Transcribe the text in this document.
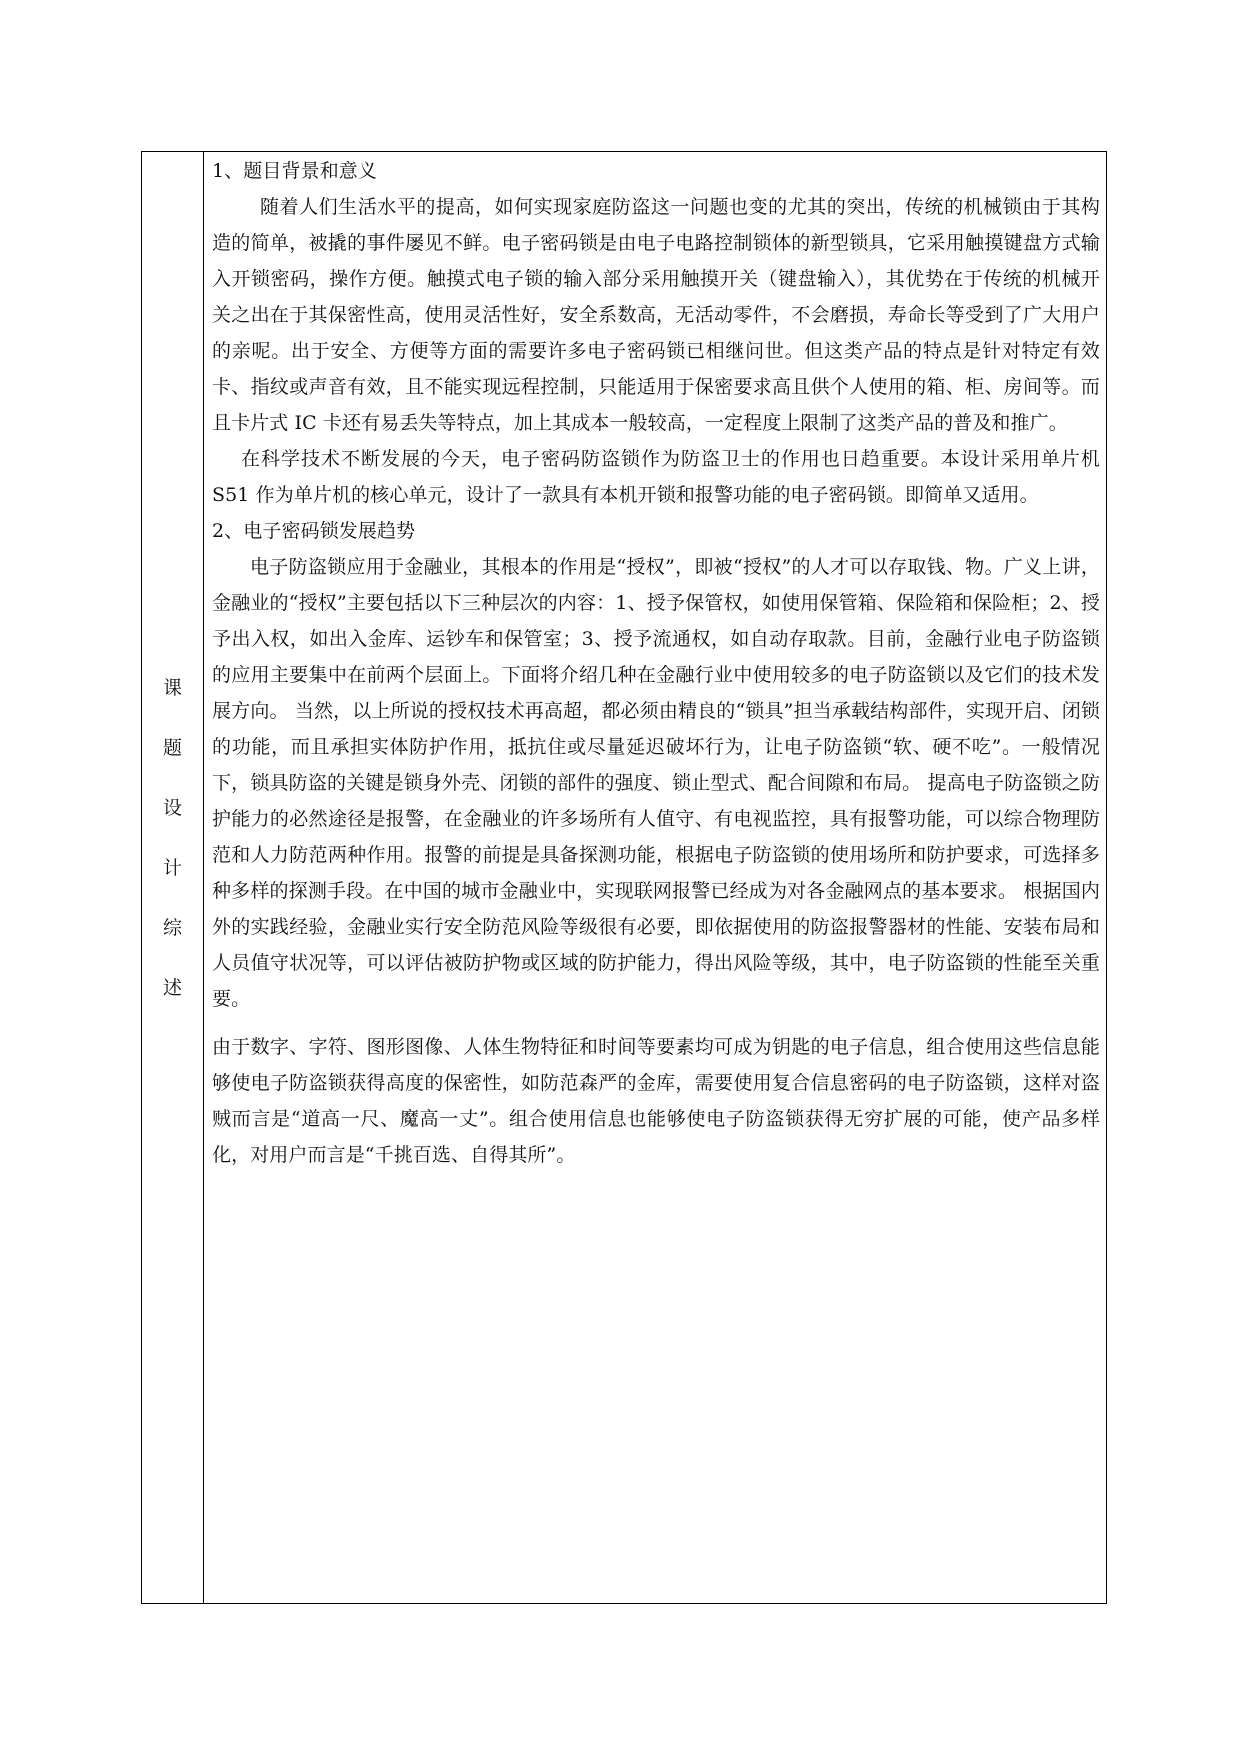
课
题
设
计
综
述

1、题目背景和意义

随着人们生活水平的提高，如何实现家庭防盗这一问题也变的尤其的突出，传统的机械锁由于其构造的简单，被撬的事件屡见不鲜。电子密码锁是由电子电路控制锁体的新型锁具，它采用触摸键盘方式输入开锁密码，操作方便。触摸式电子锁的输入部分采用触摸开关（键盘输入），其优势在于传统的机械开关之出在于其保密性高，使用灵活性好，安全系数高，无活动零件，不会磨损，寿命长等受到了广大用户的亲呢。出于安全、方便等方面的需要许多电子密码锁已相继问世。但这类产品的特点是针对特定有效卡、指纹或声音有效，且不能实现远程控制，只能适用于保密要求高且供个人使用的箱、柜、房间等。而且卡片式 IC 卡还有易丢失等特点，加上其成本一般较高，一定程度上限制了这类产品的普及和推广。

在科学技术不断发展的今天，电子密码防盗锁作为防盗卫士的作用也日趋重要。本设计采用单片机 S51 作为单片机的核心单元，设计了一款具有本机开锁和报警功能的电子密码锁。即简单又适用。

2、电子密码锁发展趋势

电子防盗锁应用于金融业，其根本的作用是“授权”，即被“授权”的人才可以存取钱、物。广义上讲，金融业的“授权”主要包括以下三种层次的内容：1、授予保管权，如使用保管箱、保险箱和保险柜；2、授予出入权，如出入金库、运钞车和保管室；3、授予流通权，如自动存取款。目前，金融行业电子防盗锁的应用主要集中在前两个层面上。下面将介绍几种在金融行业中使用较多的电子防盗锁以及它们的技术发展方向。 当然，以上所说的授权技术再高超，都必须由精良的“锁具”担当承载结构部件，实现开启、闭锁的功能，而且承担实体防护作用，抵抗住或尽量延迟破坏行为，让电子防盗锁“软、硬不吃”。一般情况下，锁具防盗的关键是锁身外壳、闭锁的部件的强度、锁止型式、配合间隙和布局。 提高电子防盗锁之防护能力的必然途径是报警，在金融业的许多场所有人值守、有电视监控，具有报警功能，可以综合物理防范和人力防范两种作用。报警的前提是具备探测功能，根据电子防盗锁的使用场所和防护要求，可选择多种多样的探测手段。在中国的城市金融业中，实现联网报警已经成为对各金融网点的基本要求。 根据国内外的实践经验，金融业实行安全防范风险等级很有必要，即依据使用的防盗报警器材的性能、安装布局和人员值守状况等，可以评估被防护物或区域的防护能力，得出风险等级，其中，电子防盗锁的性能至关重要。

由于数字、字符、图形图像、人体生物特征和时间等要素均可成为钥匙的电子信息，组合使用这些信息能够使电子防盗锁获得高度的保密性，如防范森严的金库，需要使用复合信息密码的电子防盗锁，这样对盗贼而言是“道高一尺、魔高一丈”。组合使用信息也能够使电子防盗锁获得无穷扩展的可能，使产品多样化，对用户而言是“千挑百选、自得其所”。
